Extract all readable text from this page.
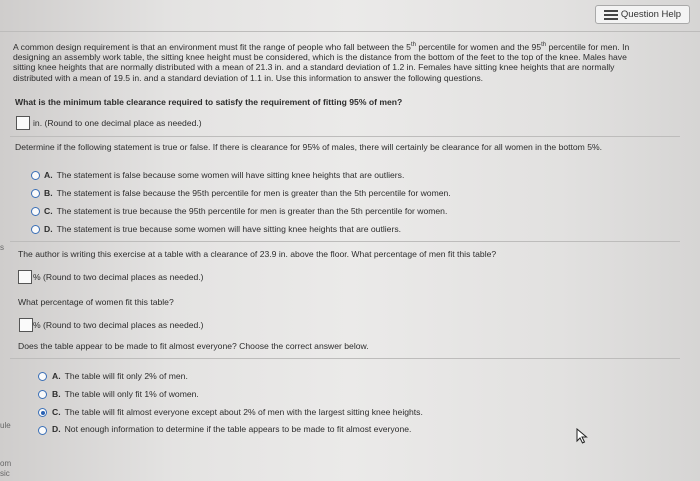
Question Help

A common design requirement is that an environment must fit the range of people who fall between the 5th percentile for women and the 95th percentile for men. In

designing an assembly work table, the sitting knee height must be considered, which is the distance from the bottom of the feet to the top of the knee. Males have

sitting knee heights that are normally distributed with a mean of 21.3 in. and a standard deviation of 1.2 in. Females have sitting knee heights that are normally

distributed with a mean of 19.5 in. and a standard deviation of 1.1 in. Use this information to answer the following questions.

What is the minimum table clearance required to satisfy the requirement of fitting 95% of men?
in. (Round to one decimal place as needed.)
Determine if the following statement is true or false. If there is clearance for 95% of males, there will certainly be clearance for all women in the bottom 5%.
A. The statement is false because some women will have sitting knee heights that are outliers.
B. The statement is false because the 95th percentile for men is greater than the 5th percentile for women.
C. The statement is true because the 95th percentile for men is greater than the 5th percentile for women.
D. The statement is true because some women will have sitting knee heights that are outliers.
The author is writing this exercise at a table with a clearance of 23.9 in. above the floor. What percentage of men fit this table?
% (Round to two decimal places as needed.)
What percentage of women fit this table?
% (Round to two decimal places as needed.)
Does the table appear to be made to fit almost everyone? Choose the correct answer below.
A. The table will fit only 2% of men.
B. The table will only fit 1% of women.
C. The table will fit almost everyone except about 2% of men with the largest sitting knee heights.
D. Not enough information to determine if the table appears to be made to fit almost everyone.
s
ule
om
sic
